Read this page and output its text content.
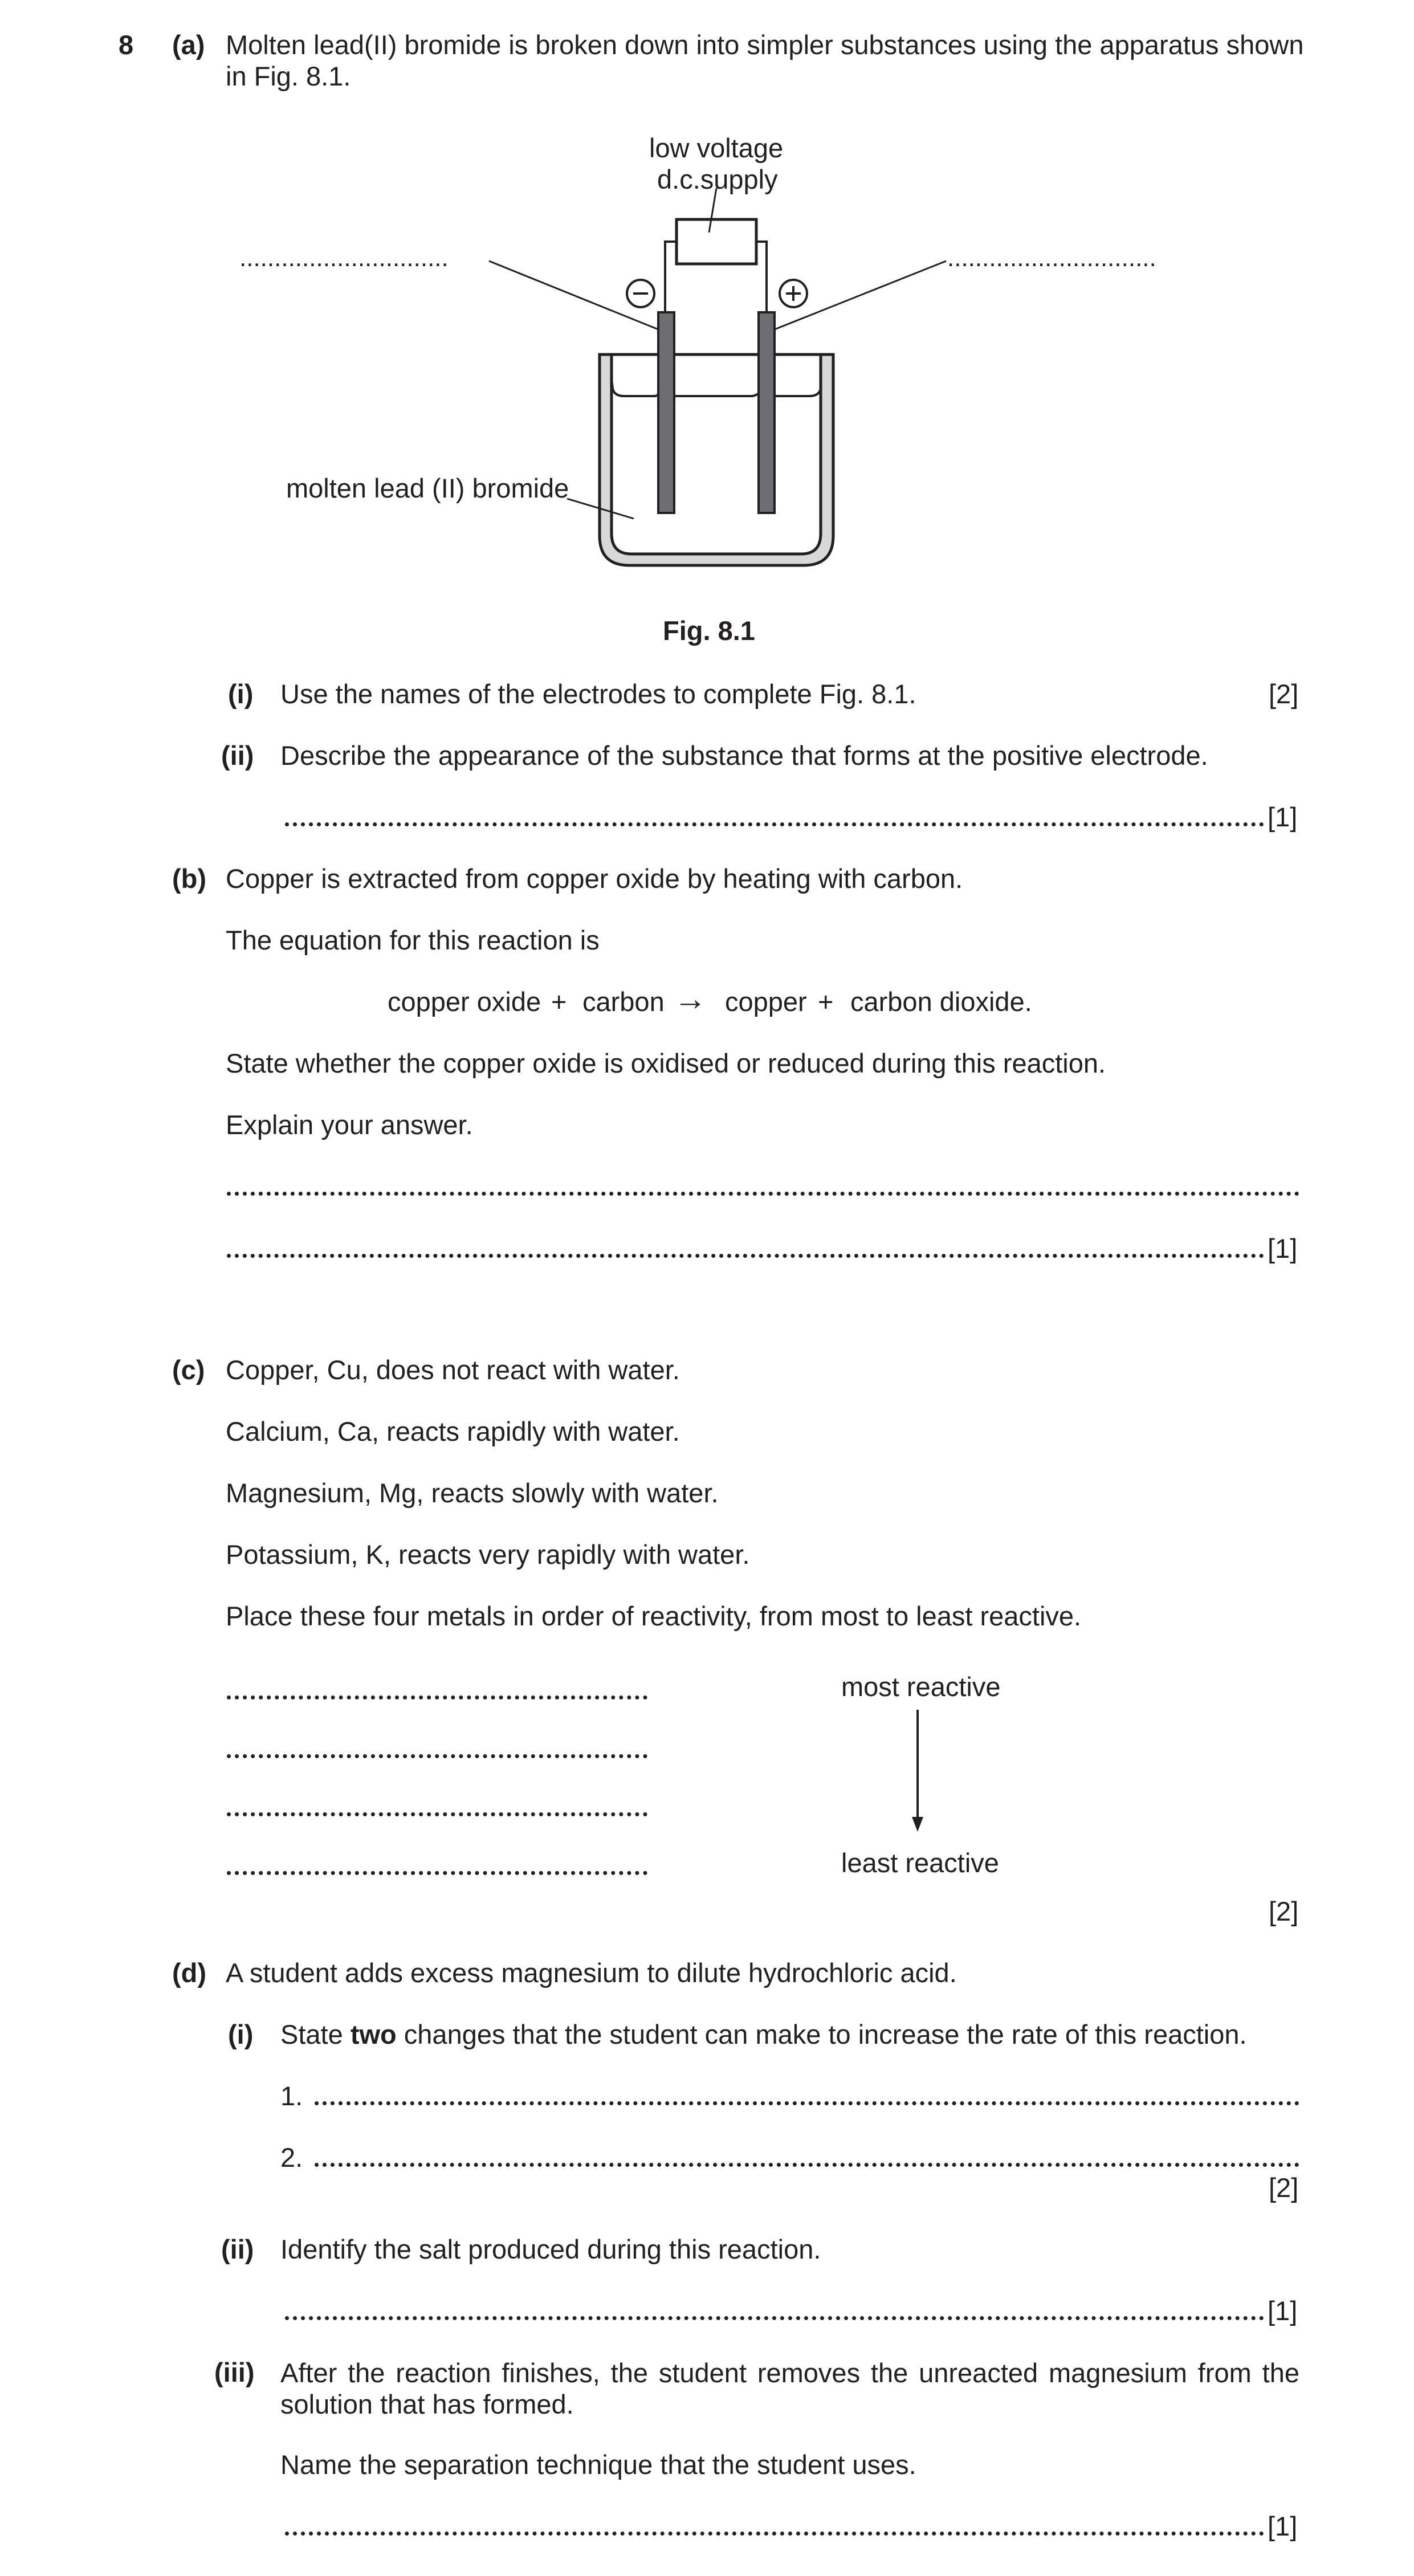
8 (a) Molten lead(II) bromide is broken down into simpler substances using the apparatus shown
in Fig. 8.1.
low voltage
d.c.supply
..............................	..............................
molten lead (II) bromide
Fig. 8.1
(i) Use the names of the electrodes to complete Fig. 8.1.	[2]
(ii) Describe the appearance of the substance that forms at the positive electrode.
[1]
(b) Copper is extracted from copper oxide by heating with carbon.
The equation for this reaction is
copper oxide + carbon → copper + carbon dioxide.
State whether the copper oxide is oxidised or reduced during this reaction.
Explain your answer.
[1]
(c) Copper, Cu, does not react with water.
Calcium, Ca, reacts rapidly with water.
Magnesium, Mg, reacts slowly with water.
Potassium, K, reacts very rapidly with water.
Place these four metals in order of reactivity, from most to least reactive.
most reactive
least reactive
[2]
(d) A student adds excess magnesium to dilute hydrochloric acid.
(i) State two changes that the student can make to increase the rate of this reaction.
1.
2.
[2]
(ii) Identify the salt produced during this reaction.
[1]
(iii) After the reaction finishes, the student removes the unreacted magnesium from the solution that has formed.
Name the separation technique that the student uses.
[1]
